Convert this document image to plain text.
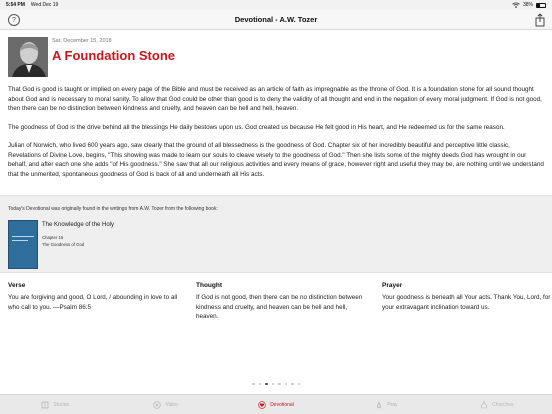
5:54 PM Wed Dec 19	38%
?	Devotional - A.W. Tozer
Sat, December 15, 2018
A Foundation Stone

That God is good is taught or implied on every page of the Bible and must be received as an article of faith as impregnable as the throne of God. It is a foundation stone for all sound thought about God and is necessary to moral sanity. To allow that God could be other than good is to deny the validity of all thought and end in the negation of every moral judgment. If God is not good, then there can be no distinction between kindness and cruelty, and heaven can be hell and hell, heaven.

The goodness of God is the drive behind all the blessings He daily bestows upon us. God created us because He felt good in His heart, and He redeemed us for the same reason.

Julian of Norwich, who lived 600 years ago, saw clearly that the ground of all blessedness is the goodness of God. Chapter six of her incredibly beautiful and perceptive little classic, Revelations of Divine Love, begins, "This showing was made to learn our souls to cleave wisely to the goodness of God." Then she lists some of the mighty deeds God has wrought in our behalf, and after each one she adds "of His goodness." She saw that all our religious activities and every means of grace, however right and useful they may be, are nothing until we understand that the unmerited, spontaneous goodness of God is back of all and underneath all His acts.

Today's Devotional was originally found in the writings from A.W. Tozer from the following book:
The Knowledge of the Holy
Chapter 16
The Goodness of God
Verse
You are forgiving and good, O Lord, / abounding in love to all who call to you. —Psalm 86:5
Thought
If God is not good, then there can be no distinction between kindness and cruelty, and heaven can be hell and hell, heaven.
Prayer
Your goodness is beneath all Your acts. Thank You, Lord, for your extravagant inclination toward us.
Stories	Video	Devotional	Pray	Churches
